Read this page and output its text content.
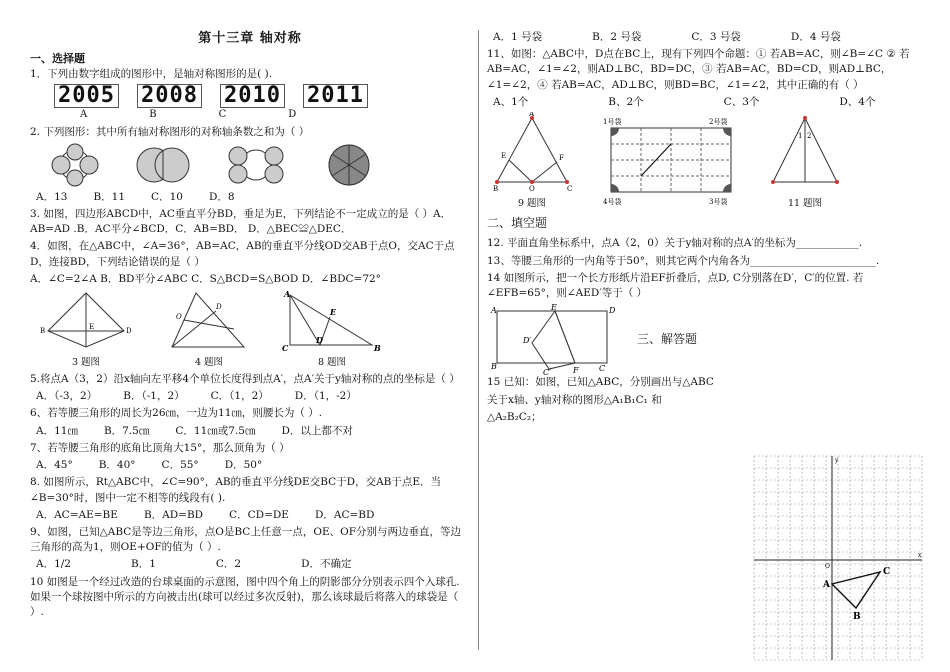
第十三章 轴对称
一、选择题
1．下列由数字组成的图形中，是轴对称图形的是( ).
2005 2008 2010 2011
A	B	C	D
2. 下列图形：其中所有轴对称图形的对称轴条数之和为（ ）
A．13 B．11 C．10 D．8
3. 如图，四边形ABCD中，AC垂直平分BD，垂足为E，下列结论不一定成立的是（ ）A．AB=AD .B．AC平分∠BCD．C．AB=BD． D．△BEC≌△DEC．
4．如图，在△ABC中，∠A=36°，AB=AC，AB的垂直平分线OD交AB于点O，交AC于点D，连接BD，下列结论错误的是（ ）
A．∠C=2∠A B．BD平分∠ABC C．S△BCD=S△BOD D．∠BDC=72°
E
B	D
3 题图
O
D
4 题图
A
C
D
E
B
8 题图
5.将点A（3，2）沿x轴向左平移4个单位长度得到点A′，点A′关于y轴对称的点的坐标是（ ）
A．（-3，2） B．（-1，2） C．（1，2） D．（1，-2）
6、若等腰三角形的周长为26㎝，一边为11㎝，则腰长为（ ）.
A．11㎝ B．7.5㎝ C．11㎝或7.5㎝ D．以上都不对
7、若等腰三角形的底角比顶角大15°，那么顶角为（ ）
A．45° B．40° C．55° D．50°
8. 如图所示，Rt△ABC中，∠C=90°，AB的垂直平分线DE交BC于D，交AB于点E．当∠B=30°时，图中一定不相等的线段有( ).
A．AC=AE=BE B．AD=BD C．CD=DE D．AC=BD
9、如图，已知△ABC是等边三角形，点O是BC上任意一点，OE、OF分别与两边垂直，等边三角形的高为1，则OE+OF的值为（ ）.
A．1/2	B．1	C．2	D．不确定
10 如图是一个经过改造的台球桌面的示意图，图中四个角上的阴影部分分别表示四个入球孔. 如果一个球按图中所示的方向被击出(球可以经过多次反射)，那么该球最后将落入的球袋是（ ）.
A．1 号袋	B．2 号袋	C．3 号袋	D．4 号袋
11、如图：△ABC中，D点在BC上，现有下列四个命题：① 若AB=AC，则∠B=∠C ② 若AB=AC，∠1=∠2，则AD⊥BC，BD=DC，③ 若AB=AC，BD=CD，则AD⊥BC，∠1=∠2，④ 若AB=AC，AD⊥BC，则BD=BC，∠1=∠2，其中正确的有（ ）
A、1个	B、2个	C、3个	D、4个
A
E	F
B	O	C
9 题图
1号袋	2号袋
4号袋	3号袋
1 2
11 题图
二、填空题
12. 平面直角坐标系中，点A（2，0）关于y轴对称的点A′的坐标为____________.
13、等腰三角形的一内角等于50°，则其它两个内角各为________________________.
14 如图所示，把一个长方形纸片沿EF折叠后，点D, C分别落在D′，C′的位置. 若∠EFB=65°，则∠AED′等于（ ）
A	E	D
D′
B
C′	F	C
三、解答题
15 已知：如图，已知△ABC，分别画出与△ABC
关于x轴、y轴对称的图形△A₁B₁C₁ 和
△A₂B₂C₂；
O
x
y
A
B
C
